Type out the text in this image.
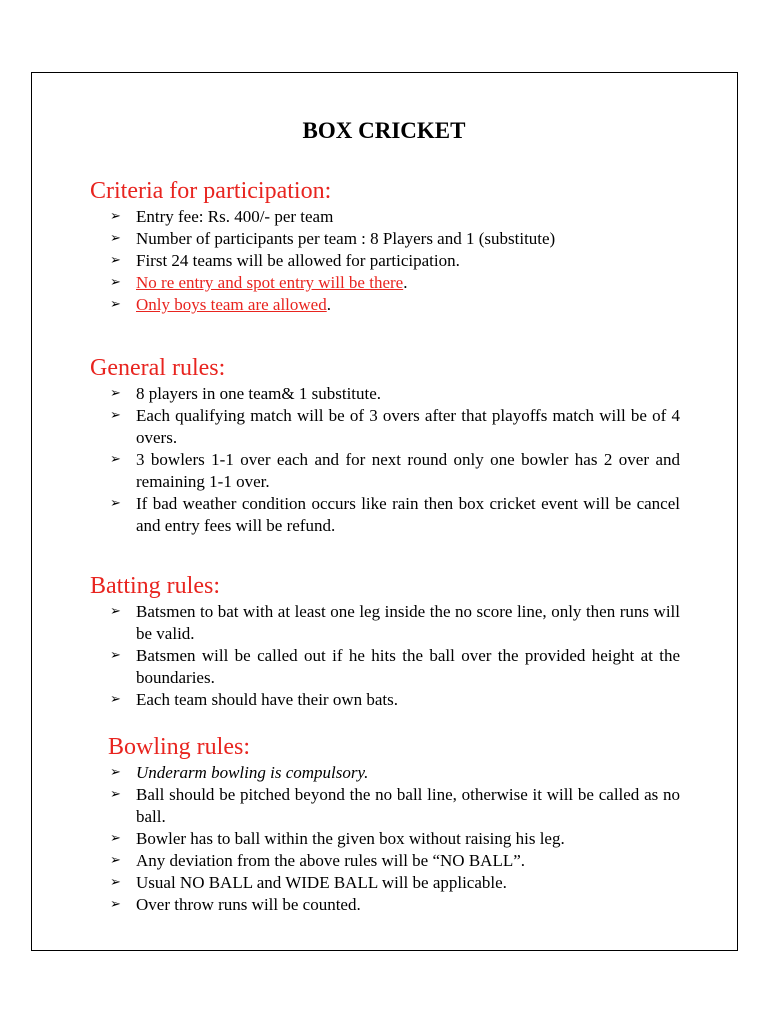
BOX CRICKET
Criteria for participation:
➢ Entry fee: Rs. 400/- per team
➢ Number of participants per team : 8 Players and 1 (substitute)
➢ First 24 teams will be allowed for participation.
➢ No re entry and spot entry will be there.
➢ Only boys team are allowed.
General rules:
➢ 8 players in one team& 1 substitute.
➢ Each qualifying match will be of 3 overs after that playoffs match will be of 4 overs.
➢ 3 bowlers 1-1 over each and for next round only one bowler has 2 over and remaining 1-1 over.
➢ If bad weather condition occurs like rain then box cricket event will be cancel and entry fees will be refund.
Batting rules:
➢ Batsmen to bat with at least one leg inside the no score line, only then runs will be valid.
➢ Batsmen will be called out if he hits the ball over the provided height at the boundaries.
➢ Each team should have their own bats.
Bowling rules:
➢ Underarm bowling is compulsory.
➢ Ball should be pitched beyond the no ball line, otherwise it will be called as no ball.
➢ Bowler has to ball within the given box without raising his leg.
➢ Any deviation from the above rules will be “NO BALL”.
➢ Usual NO BALL and WIDE BALL will be applicable.
➢ Over throw runs will be counted.
